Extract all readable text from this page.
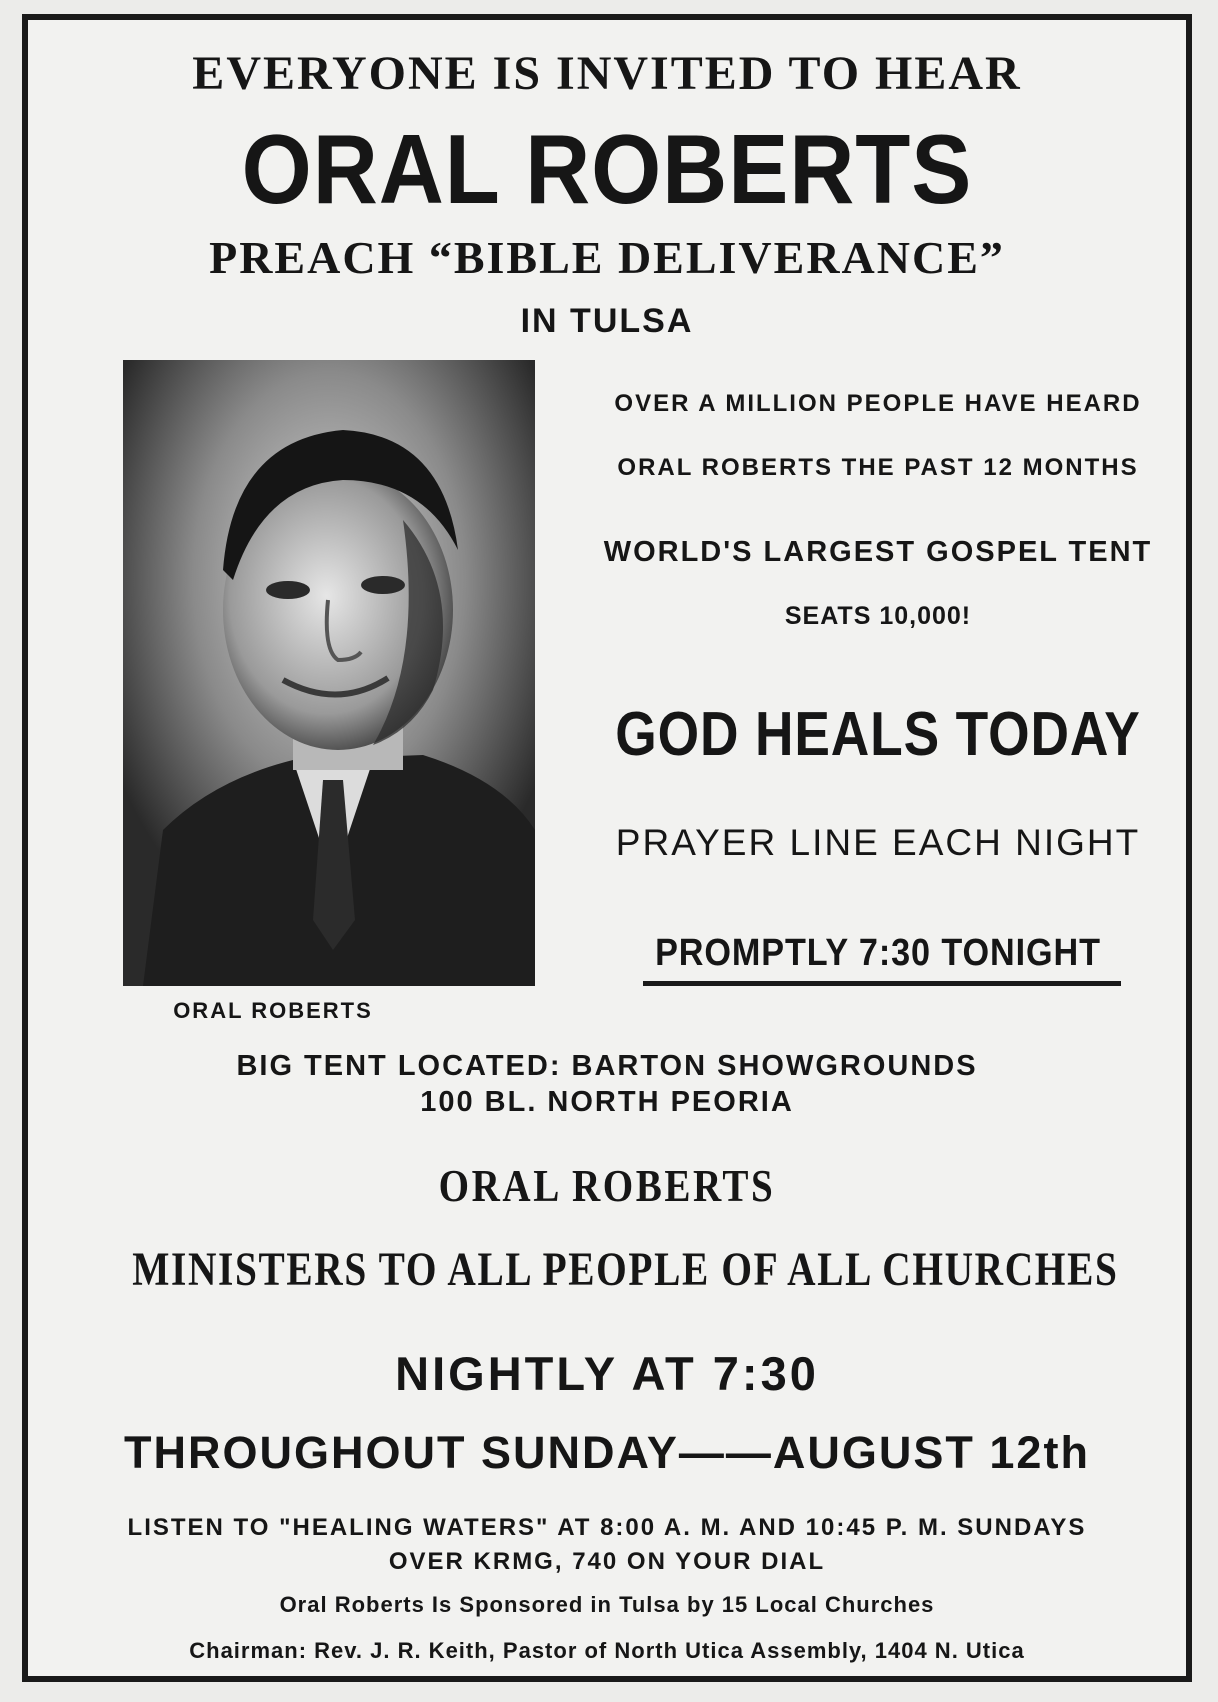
EVERYONE IS INVITED TO HEAR
ORAL ROBERTS
PREACH “BIBLE DELIVERANCE”
IN TULSA
ORAL ROBERTS
OVER A MILLION PEOPLE HAVE HEARD
ORAL ROBERTS THE PAST 12 MONTHS
WORLD'S LARGEST GOSPEL TENT
SEATS 10,000!
GOD HEALS TODAY
PRAYER LINE EACH NIGHT
PROMPTLY 7:30 TONIGHT
BIG TENT LOCATED: BARTON SHOWGROUNDS
100 BL. NORTH PEORIA
ORAL ROBERTS
MINISTERS TO ALL PEOPLE OF ALL CHURCHES
NIGHTLY AT 7:30
THROUGHOUT SUNDAY——AUGUST 12th
LISTEN TO "HEALING WATERS" AT 8:00 A. M. AND 10:45 P. M. SUNDAYS
OVER KRMG, 740 ON YOUR DIAL
Oral Roberts Is Sponsored in Tulsa by 15 Local Churches
Chairman: Rev. J. R. Keith, Pastor of North Utica Assembly, 1404 N. Utica
